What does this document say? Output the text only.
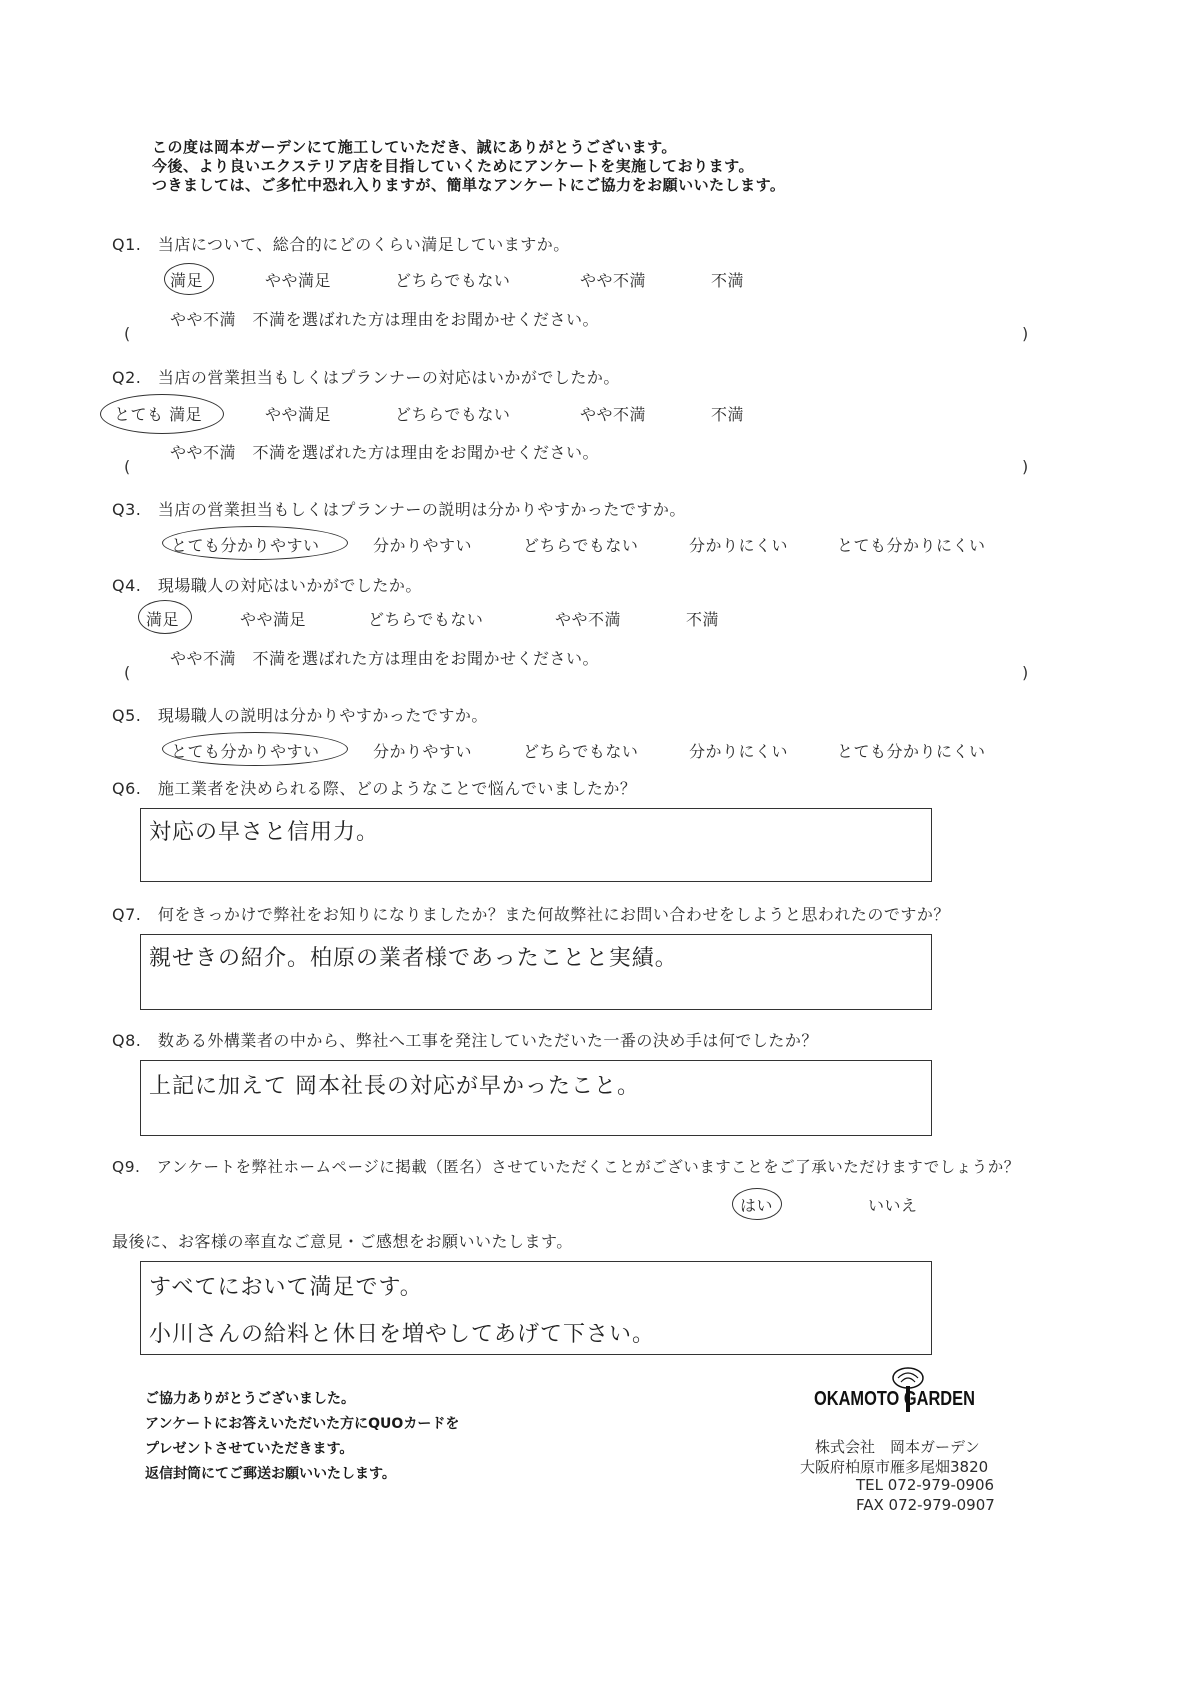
この度は岡本ガーデンにて施工していただき、誠にありがとうございます。
今後、より良いエクステリア店を目指していくためにアンケートを実施しております。
つきましては、ご多忙中恐れ入りますが、簡単なアンケートにご協力をお願いいたします。
Q1.　当店について、総合的にどのくらい満足していますか。
満足	やや満足	どちらでもない	やや不満	不満
やや不満　不満を選ばれた方は理由をお聞かせください。
(	)
Q2.　当店の営業担当もしくはプランナーの対応はいかがでしたか。
とても 満足	やや満足	どちらでもない	やや不満	不満
やや不満　不満を選ばれた方は理由をお聞かせください。
(	)
Q3.　当店の営業担当もしくはプランナーの説明は分かりやすかったですか。
とても分かりやすい	分かりやすい	どちらでもない	分かりにくい	とても分かりにくい
Q4.　現場職人の対応はいかがでしたか。
満足	やや満足	どちらでもない	やや不満	不満
やや不満　不満を選ばれた方は理由をお聞かせください。
(	)
Q5.　現場職人の説明は分かりやすかったですか。
とても分かりやすい	分かりやすい	どちらでもない	分かりにくい	とても分かりにくい
Q6.　施工業者を決められる際、どのようなことで悩んでいましたか？
対応の早さと信用力。
Q7.　何をきっかけで弊社をお知りになりましたか？また何故弊社にお問い合わせをしようと思われたのですか？
親せきの紹介。柏原の業者様であったことと実績。
Q8.　数ある外構業者の中から、弊社へ工事を発注していただいた一番の決め手は何でしたか？
上記に加えて 岡本社長の対応が早かったこと。
Q9.　アンケートを弊社ホームページに掲載（匿名）させていただくことがございますことをご了承いただけますでしょうか？
はい	いいえ
最後に、お客様の率直なご意見・ご感想をお願いいたします。
すべてにおいて満足です。
小川さんの給料と休日を増やしてあげて下さい。
ご協力ありがとうございました。
アンケートにお答えいただいた方にQUOカードを
プレゼントさせていただきます。
返信封筒にてご郵送お願いいたします。
OKAMOTO GARDEN
株式会社　岡本ガーデン
大阪府柏原市雁多尾畑3820
TEL 072-979-0906
FAX 072-979-0907
